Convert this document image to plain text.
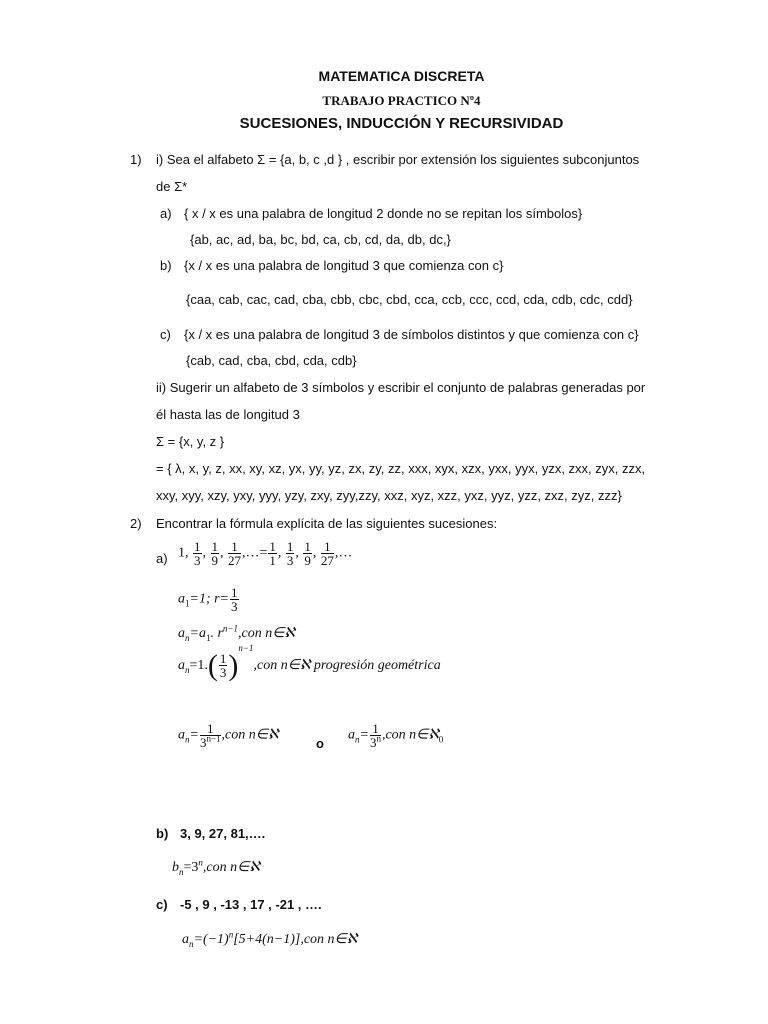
MATEMATICA DISCRETA
TRABAJO PRACTICO Nº4
SUCESIONES, INDUCCIÓN Y RECURSIVIDAD
1) i) Sea el alfabeto Σ = {a, b, c ,d } , escribir por extensión los siguientes subconjuntos
de Σ*
a) { x / x es una palabra de longitud 2 donde no se repitan los símbolos}
{ab, ac, ad, ba, bc, bd, ca, cb, cd, da, db, dc,}
b) {x / x es una palabra de longitud 3 que comienza con c}
{caa, cab, cac, cad, cba, cbb, cbc, cbd, cca, ccb, ccc, ccd, cda, cdb, cdc, cdd}
c) {x / x es una palabra de longitud 3 de símbolos distintos y que comienza con c}
{cab, cad, cba, cbd, cda, cdb}
ii) Sugerir un alfabeto de 3 símbolos y escribir el conjunto de palabras generadas por
él hasta las de longitud 3
Σ = {x, y, z }
= { λ, x, y, z, xx, xy, xz, yx, yy, yz, zx, zy, zz, xxx, xyx, xzx, yxx, yyx, yzx, zxx, zyx, zzx,
xxy, xyy, xzy, yxy, yyy, yzy, zxy, zyy,zzy, xxz, xyz, xzz, yxz, yyz, yzz, zxz, zyz, zzz}
2) Encontrar la fórmula explícita de las siguientes sucesiones:
a) 1, $\frac{1}{3}$ , $\frac{1}{9}$ , $\frac{1}{27}$ ,…= $\frac{1}{1}$ , $\frac{1}{3}$ , $\frac{1}{9}$ , $\frac{1}{27}$ ,…
$a_1=1$; $r= \frac{1}{3}$
$a_n=a_1$. $r^{n-1},con$ n∈ℵ
$a_n=1.( \frac{1}{3} )^{n-1},con$ n∈ℵ progresión geométrica
$a_n= \frac{1}{3^{n-1}} ,con$ n∈ℵ
o
$a_n= \frac{1}{3^n} ,con$ n∈ℵ$_0$
b) 3, 9, 27, 81,….
$b_n=3^n,con$ n∈ℵ
c) -5 , 9 , -13 , 17 , -21 , ….
$a_n=(-1)^n[5+4(n-1)],con$ n∈ℵ
